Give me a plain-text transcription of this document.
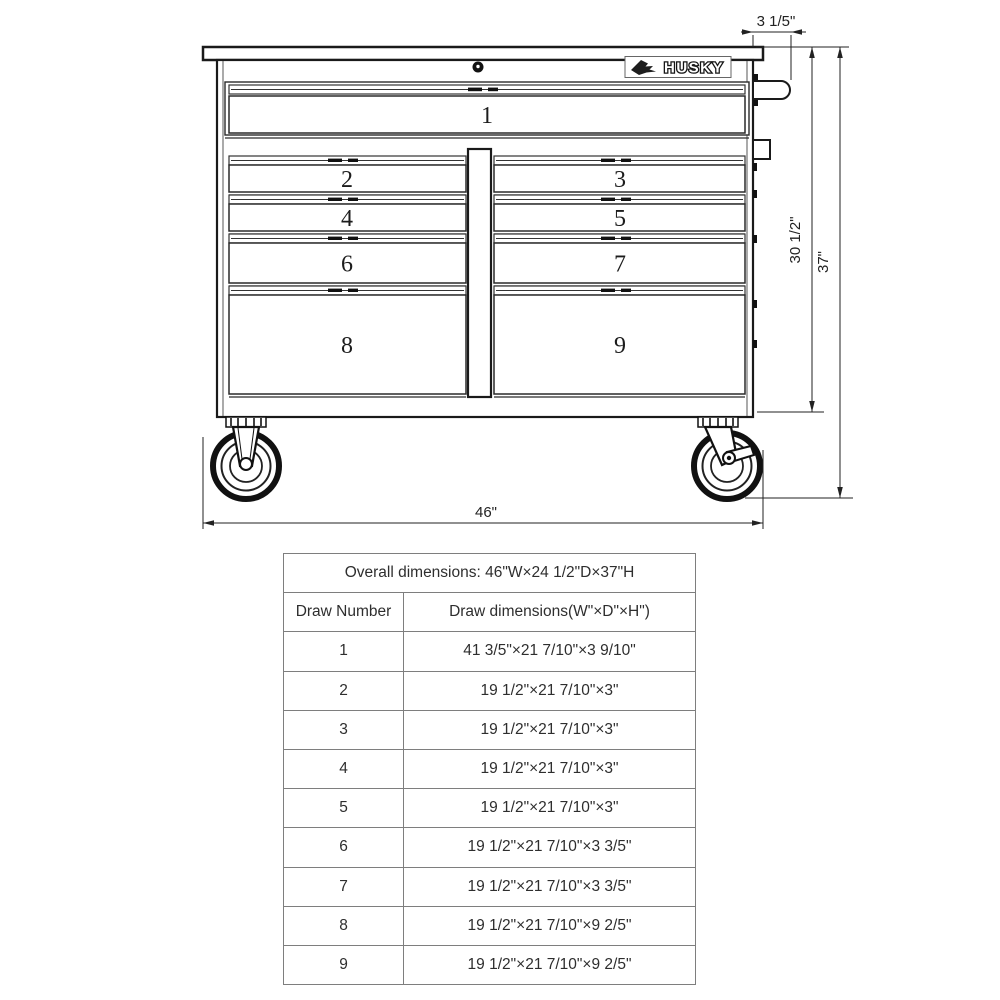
HUSKY
1
2	3
4	5
6	7
8	9
3 1/5"
30 1/2" 37"
46"
Overall dimensions: 46"W×24 1/2"D×37"H	
Draw Number	Draw dimensions(W"×D"×H")
1	41 3/5"×21 7/10"×3 9/10"
2	19 1/2"×21 7/10"×3"
3	19 1/2"×21 7/10"×3"
4	19 1/2"×21 7/10"×3"
5	19 1/2"×21 7/10"×3"
6	19 1/2"×21 7/10"×3 3/5"
7	19 1/2"×21 7/10"×3 3/5"
8	19 1/2"×21 7/10"×9 2/5"
9	19 1/2"×21 7/10"×9 2/5"
